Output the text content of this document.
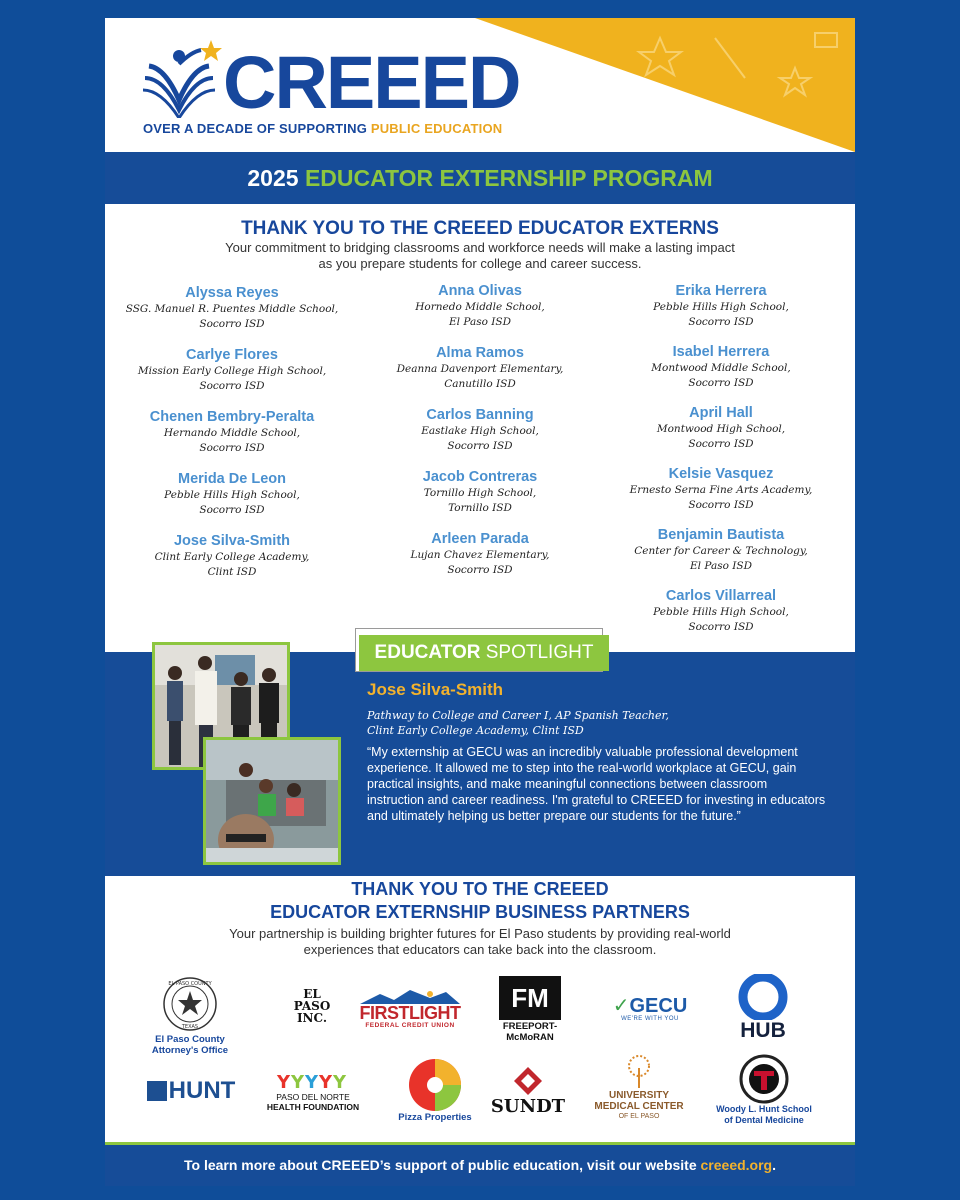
CREEED
OVER A DECADE OF SUPPORTING PUBLIC EDUCATION
2025 EDUCATOR EXTERNSHIP PROGRAM
THANK YOU TO THE CREEED EDUCATOR EXTERNS
Your commitment to bridging classrooms and workforce needs will make a lasting impact as you prepare students for college and career success.
Alyssa Reyes
SSG. Manuel R. Puentes Middle School,
Socorro ISD
Carlye Flores
Mission Early College High School,
Socorro ISD
Chenen Bembry-Peralta
Hernando Middle School,
Socorro ISD
Merida De Leon
Pebble Hills High School,
Socorro ISD
Jose Silva-Smith
Clint Early College Academy,
Clint ISD
Anna Olivas
Hornedo Middle School,
El Paso ISD
Alma Ramos
Deanna Davenport Elementary,
Canutillo ISD
Carlos Banning
Eastlake High School,
Socorro ISD
Jacob Contreras
Tornillo High School,
Tornillo ISD
Arleen Parada
Lujan Chavez Elementary,
Socorro ISD
Erika Herrera
Pebble Hills High School,
Socorro ISD
Isabel Herrera
Montwood Middle School,
Socorro ISD
April Hall
Montwood High School,
Socorro ISD
Kelsie Vasquez
Ernesto Serna Fine Arts Academy,
Socorro ISD
Benjamin Bautista
Center for Career & Technology,
El Paso ISD
Carlos Villarreal
Pebble Hills High School,
Socorro ISD
EDUCATOR SPOTLIGHT
Jose Silva-Smith
Pathway to College and Career I, AP Spanish Teacher,
Clint Early College Academy, Clint ISD
“My externship at GECU was an incredibly valuable professional development experience. It allowed me to step into the real-world workplace at GECU, gain practical insights, and make meaningful connections between classroom instruction and career readiness. I'm grateful to CREEED for investing in educators and ultimately helping us better prepare our students for the future.”
THANK YOU TO THE CREEED
EDUCATOR EXTERNSHIP BUSINESS PARTNERS
Your partnership is building brighter futures for El Paso students by providing real-world experiences that educators can take back into the classroom.
EL PASO COUNTY
TEXAS
El Paso County
Attorney's Office
EL
PASO
INC.	FIRSTLIGHT
FEDERAL CREDIT UNION
FM
FREEPORT-
McMoRAN
✓GECU
WE'RE WITH YOU	HUB
HUNT Y Y Y Y Y
PASO DEL NORTE
HEALTH FOUNDATION
Pizza Properties
SUNDT
UNIVERSITY
MEDICAL CENTER
OF EL PASO
Woody L. Hunt School
of Dental Medicine
To learn more about CREEED’s support of public education, visit our website creeed.org.
